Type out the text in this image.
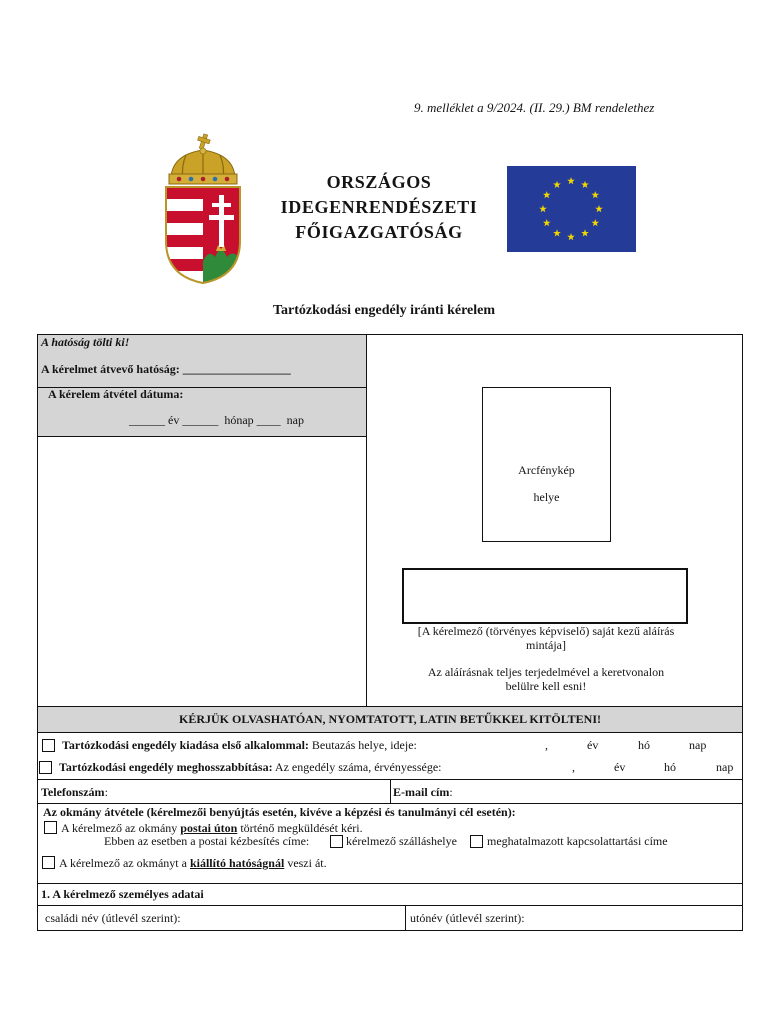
9. melléklet a 9/2024. (II. 29.) BM rendelethez
ORSZÁGOS
IDEGENRENDÉSZETI
FŐIGAZGATÓSÁG
Tartózkodási engedély iránti kérelem
A hatóság tölti ki!
A kérelmet átvevő hatóság: __________________
A kérelem átvétel dátuma:
______ év ______  hónap ____  nap
Arcfénykép
helye
[A kérelmező (törvényes képviselő) saját kezű aláírás
mintája]
Az aláírásnak teljes terjedelmével a keretvonalon
belülre kell esni!
KÉRJÜK OLVASHATÓAN, NYOMTATOTT, LATIN BETŰKKEL KITÖLTENI!
Tartózkodási engedély kiadása első alkalommal: Beutazás helye, ideje:	,	év	hó	nap
Tartózkodási engedély meghosszabbítása: Az engedély száma, érvényessége:	,	év	hó	nap
Telefonszám:	E-mail cím:
Az okmány átvétele (kérelmezői benyújtás esetén, kivéve a képzési és tanulmányi cél esetén):
A kérelmező az okmány postai úton történő megküldését kéri.
Ebben az esetben a postai kézbesítés címe:	kérelmező szálláshelye	meghatalmazott kapcsolattartási címe
A kérelmező az okmányt a kiállító hatóságnál veszi át.
1. A kérelmező személyes adatai
családi név (útlevél szerint):	utónév (útlevél szerint):
